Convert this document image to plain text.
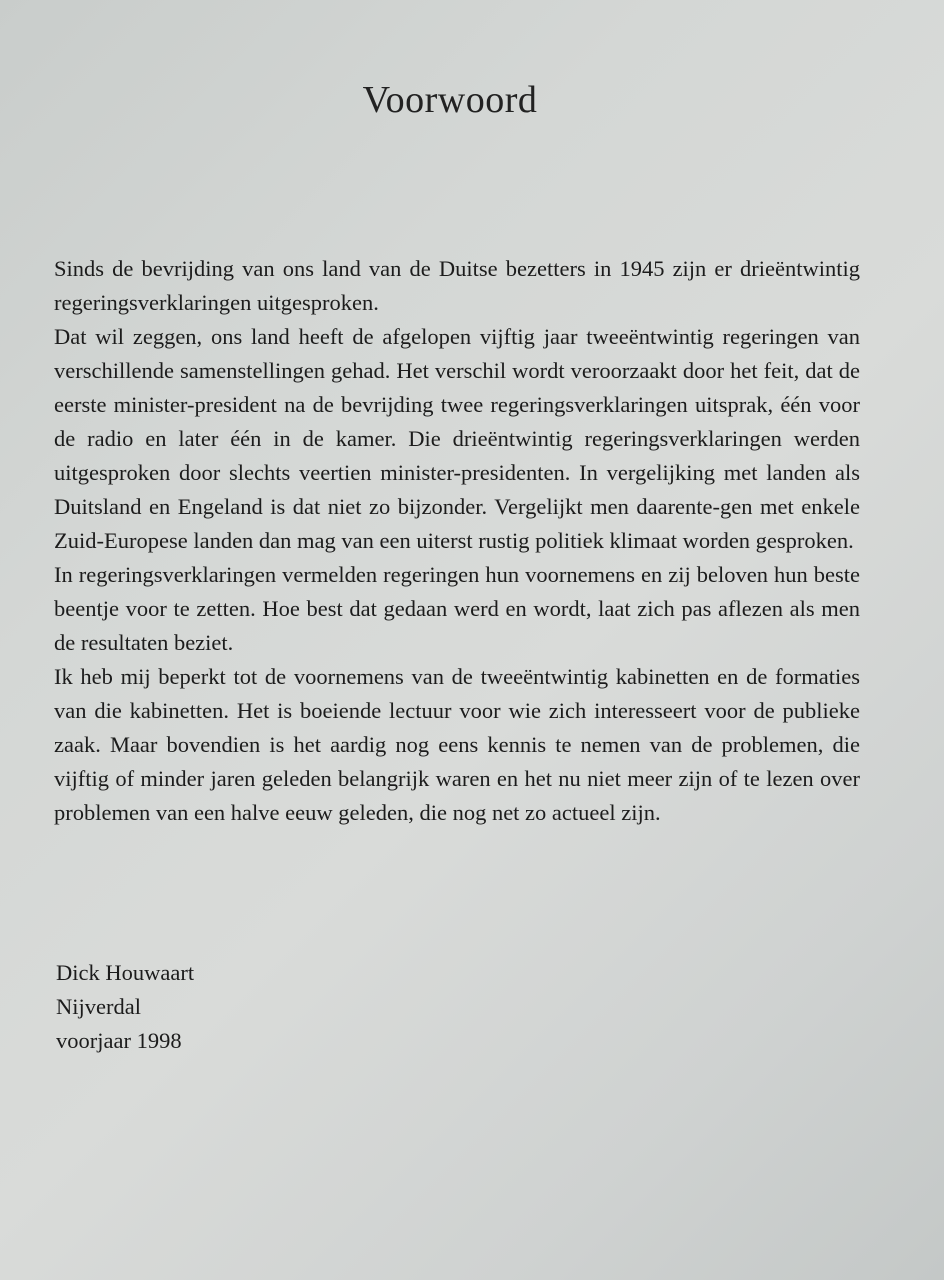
Voorwoord

Sinds de bevrijding van ons land van de Duitse bezetters in 1945 zijn er drieëntwintig regeringsverklaringen uitgesproken.

Dat wil zeggen, ons land heeft de afgelopen vijftig jaar tweeëntwintig regeringen van verschillende samenstellingen gehad. Het verschil wordt veroorzaakt door het feit, dat de eerste minister-president na de bevrijding twee regeringsverklaringen uitsprak, één voor de radio en later één in de kamer. Die drieëntwintig regeringsverklaringen werden uitgesproken door slechts veertien minister-presidenten. In vergelijking met landen als Duitsland en Engeland is dat niet zo bijzonder. Vergelijkt men daarente-gen met enkele Zuid-Europese landen dan mag van een uiterst rustig politiek klimaat worden gesproken.

In regeringsverklaringen vermelden regeringen hun voornemens en zij beloven hun beste beentje voor te zetten. Hoe best dat gedaan werd en wordt, laat zich pas aflezen als men de resultaten beziet.

Ik heb mij beperkt tot de voornemens van de tweeëntwintig kabinetten en de formaties van die kabinetten. Het is boeiende lectuur voor wie zich interesseert voor de publieke zaak. Maar bovendien is het aardig nog eens kennis te nemen van de problemen, die vijftig of minder jaren geleden belangrijk waren en het nu niet meer zijn of te lezen over problemen van een halve eeuw geleden, die nog net zo actueel zijn.

Dick Houwaart
Nijverdal
voorjaar 1998
